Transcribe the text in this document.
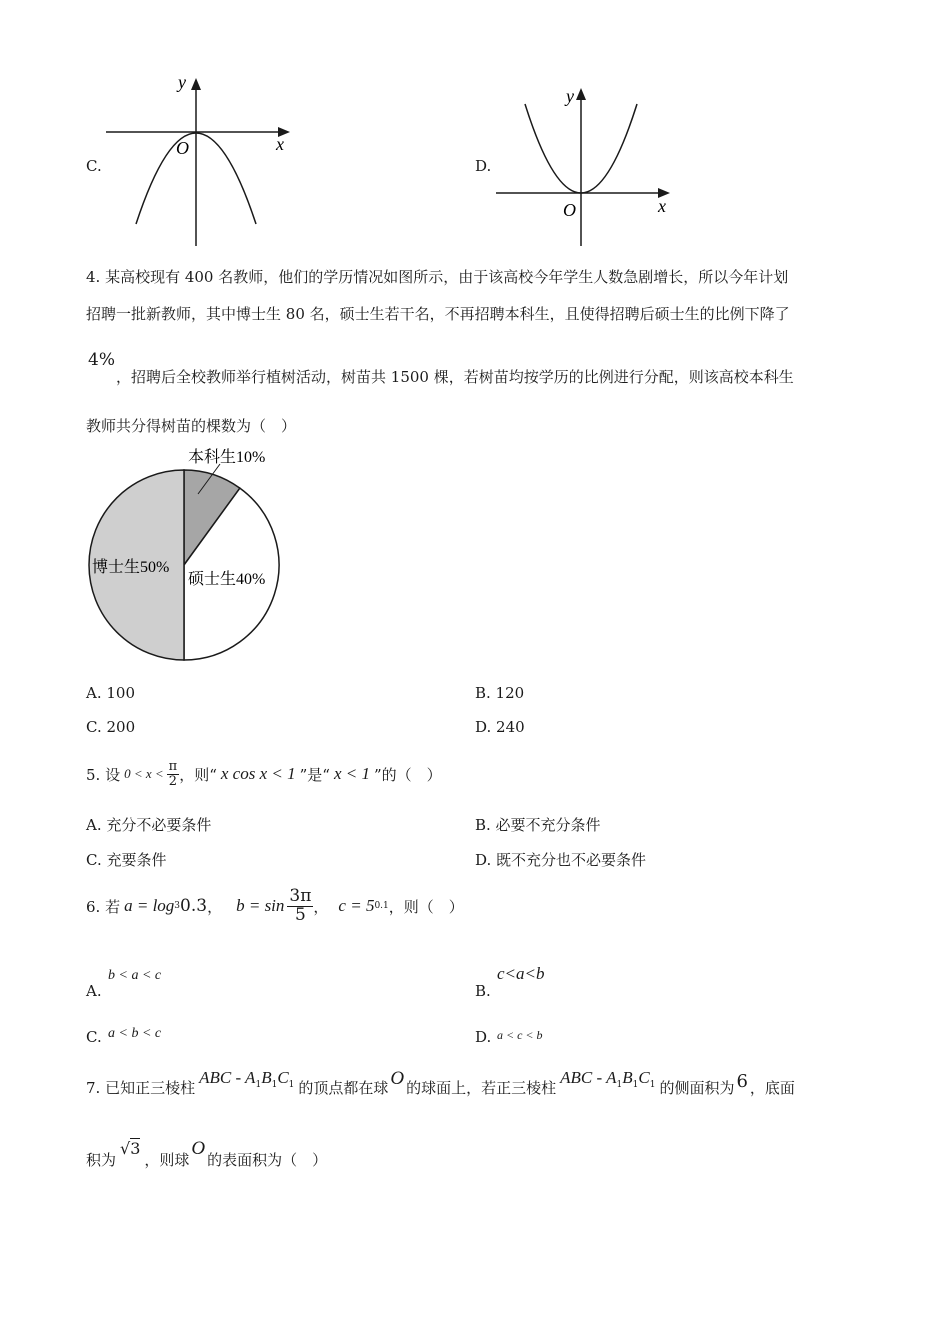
C.
y
x
O
D.
y
x
O
4. 某高校现有 400 名教师，他们的学历情况如图所示，由于该高校今年学生人数急剧增长，所以今年计划
招聘一批新教师，其中博士生 80 名，硕士生若干名，不再招聘本科生，且使得招聘后硕士生的比例下降了
4%
，招聘后全校教师举行植树活动，树苗共 1500 棵，若树苗均按学历的比例进行分配，则该高校本科生
教师共分得树苗的棵数为（　）
本科生10%
硕士生40%
博士生50%
A. 100	B. 120
C. 200	D. 240
5. 设 $0 < x < \frac{\pi}{2}$ ，则“ x cos x < 1 ”是“ x < 1 ”的（　）
A. 充分不必要条件	B. 必要不充分条件
C. 充要条件	D. 既不充分也不必要条件
6. 若 a = log 3 0.3 ， $b = \sin \frac{3\pi}{5}$ ， c = 5 0.1 ，则（　）
A.
b < a < c
B.
c<a<b
C. a < b < c	D. a < c < b
7. 已知正三棱柱
ABC - $A_1B_1C_1$ 的顶点都在球 O 的球面上，若正三棱柱
ABC - $A_1B_1C_1$ 的侧面积为 6 ，底面
积为
√3
，则球
O
的表面积为（　）
